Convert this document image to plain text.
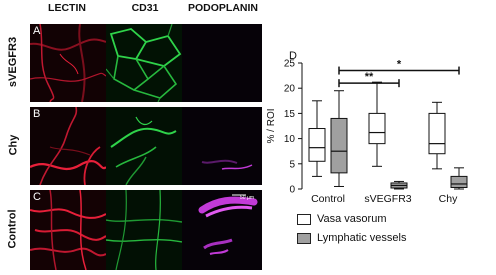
LECTIN	CD31	PODOPLANIN
sVEGFR3
Chy
Control
A
B
C	50 µm
D
0
5
10
15
20
25
% / ROI
Control sVEGFR3	Chy
**
*
Vasa vasorum
Lymphatic vessels
